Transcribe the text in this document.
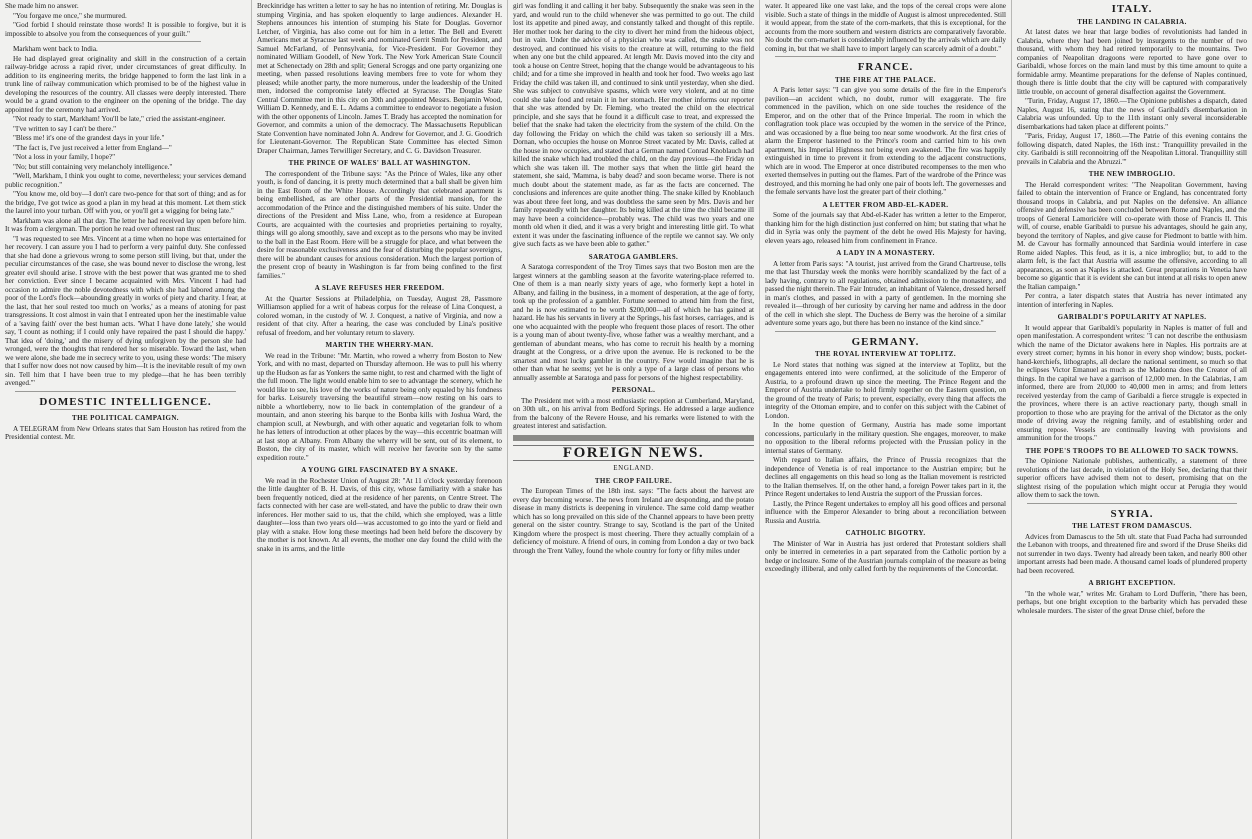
She made him no answer.

"You forgave me once," she murmured.

"God forbid I should reinstate those words! It is possible to forgive, but it is impossible to absolve you from the consequences of your guilt."

Markham went back to India.

He had displayed great originality and skill in the construction of a certain railway-bridge across a rapid river, under circumstances of great difficulty. In addition to its engineering merits, the bridge happened to form the last link in a trunk line of railway communication which promised to be of the highest value in developing the resources of the country. All classes were deeply interested. There would be a grand ovation to the engineer on the opening of the bridge. The day appointed for the ceremony had arrived.

"Not ready to start, Markham! You'll be late," cried the assistant-engineer.

"I've written to say I can't be there."

"Bless me! it's one of the grandest days in your life."

"The fact is, I've just received a letter from England—"

"Not a loss in your family, I hope?"

"No; but still containing very melancholy intelligence."

"Well, Markham, I think you ought to come, nevertheless; your services demand public recognition."

"You know me, old boy—I don't care two-pence for that sort of thing; and as for the bridge, I've got twice as good a plan in my head at this moment. Let them stick the laurel into your turban. Off with you, or you'll get a wigging for being late."

Markham was alone all that day. The letter he had received lay open before him. It was from a clergyman. The portion he read over oftenest ran thus:

"I was requested to see Mrs. Vincent at a time when no hope was entertained for her recovery. I can assure you I had to perform a very painful duty. She confessed that she had done a grievous wrong to some person still living, but that, under the peculiar circumstances of the case, she was bound never to disclose the wrong, lest greater evil should arise. I strove with the best power that was granted me to shed her conviction. Ever since I became acquainted with Mrs. Vincent I had had occasion to admire the noble devotedness with which she had labored among the poor of the Lord's flock—abounding greatly in works of piety and charity. I fear, at the last, that her soul rested too much on 'works,' as a means of atoning for past transgressions. It cost almost in vain that I entreated upon her the inestimable value of a 'saving faith' over the best human acts. 'What I have done lately,' she would say, 'I count as nothing; if I could only have repaired the past I should die happy.' That idea of 'doing,' and the misery of dying unforgiven by the person she had wronged, were the thoughts that rendered her so miserable. Toward the last, when we were alone, she bade me in secrecy write to you, using these words: 'The misery that I suffer now does not now caused by him—It is the inevitable result of my own sin. Tell him that I have been true to my pledge—that he has been terribly avenged.'"

DOMESTIC INTELLIGENCE.
THE POLITICAL CAMPAIGN.

A TELEGRAM from New Orleans states that Sam Houston has retired from the Presidential contest. Mr.

Breckinridge has written a letter to say he has no intention of retiring. Mr. Douglas is stumping Virginia, and has spoken eloquently to large audiences. Alexander H. Stephens announces his intention of stumping his State for Douglas. Governor Letcher, of Virginia, has also come out for him in a letter. The Bell and Everett Americans met at Syracuse last week and nominated Gerrit Smith for President, and Samuel McFarland, of Pennsylvania, for Vice-President. For Governor they nominated William Goodell, of New York. The New York American State Council met at Schenectady on 28th and split; General Scroggs and one party organizing one meeting, when passed resolutions leaving members free to vote for whom they pleased; while another party, the more numerous, under the leadership of the United men, indorsed the compromise lately effected at Syracuse. The Douglas State Central Committee met in this city on 30th and appointed Messrs. Benjamin Wood, William D. Kennedy, and E. L. Adams a committee to endeavor to negotiate a fusion with the other opponents of Lincoln. James T. Brady has accepted the nomination for Governor, and commits a union of the democracy. The Massachusetts Republican State Convention have nominated John A. Andrew for Governor, and J. G. Goodrich for Lieutenant-Governor. The Republican State Committee has elected Simon Draper Chairman, James Terwilliger Secretary, and C. G. Davidson Treasurer.

THE PRINCE OF WALES' BALL AT WASHINGTON.

The correspondent of the Tribune says: "As the Prince of Wales, like any other youth, is fond of dancing, it is pretty much determined that a ball shall be given him in the East Room of the White House. Accordingly that celebrated apartment is being embellished, as are other parts of the Presidential mansion, for the accommodation of the Prince and the distinguished members of his suite. Under the directions of the President and Miss Lane, who, from a residence at European Courts, are acquainted with the courtesies and proprieties pertaining to royalty, things will go along smoothly, save and except as to the persons who may be invited to the ball in the East Room. Here will be a struggle for place, and what between the desire for reasonable exclusiveness and the fear of disturbing the popular sovereigns, there will be abundant causes for anxious consideration. Much the largest portion of the present crop of beauty in Washington is far from being confined to the first families."

A SLAVE REFUSES HER FREEDOM.

At the Quarter Sessions at Philadelphia, on Tuesday, August 28, Passmore Williamson applied for a writ of habeas corpus for the release of Lina Conquest, a colored woman, in the custody of W. J. Conquest, a native of Virginia, and now a resident of that city. After a hearing, the case was concluded by Lina's positive refusal of freedom, and her voluntary return to slavery.

MARTIN THE WHERRY-MAN.

We read in the Tribune: "Mr. Martin, who rowed a wherry from Boston to New York, and with no mast, departed on Thursday afternoon. He was to pull his wherry up the Hudson as far as Yonkers the same night, to rest and charmed with the light of the full moon. The light would enable him to see to advantage the scenery, which he would like to see, his love of the works of nature being only equaled by his fondness for barks. Leisurely traversing the beautiful stream—now resting on his oars to nibble a whortleberry, now to lie back in contemplation of the grandeur of a mountain, and anon steering his barque to the Bonba kills with Joshua Ward, the champion scull, at Newburgh, and with other aquatic and vegetarian folk to whom he has letters of introduction at other places by the way—this eccentric boatman will at last stop at Albany. From Albany the wherry will be sent, out of its element, to Boston, the city of its master, which will receive her favorite son by the same expedition route."

A YOUNG GIRL FASCINATED BY A SNAKE.

We read in the Rochester Union of August 28: "At 11 o'clock yesterday forenoon the little daughter of B. H. Davis, of this city, whose familiarity with a snake has been frequently noticed, died at the residence of her parents, on Centre Street. The facts connected with her case are well-stated, and have the public to draw their own inferences. Her mother said to us, that the child, which she employed, was a little daughter—loss than two years old—was accustomed to go into the yard or field and play with a snake. How long these meetings had been held before the discovery by the mother is not known. At all events, the mother one day found the child with the snake in its arms, and the little

girl was fondling it and calling it her baby. Subsequently the snake was seen in the yard, and would run to the child whenever she was permitted to go out. The child lost its appetite and pined away, and constantly talked and thought of this reptile. Her mother took her daring to the city to divert her mind from the hideous object, but in vain. Under the advice of a physician who was called, the snake was not destroyed, and continued his visits to the creature at will, returning to the field when any one but the child appeared. At length Mr. Davis moved into the city and took a house on Centre Street, hoping that the change would be advantageous to his child; and for a time she improved in health and took her food. Two weeks ago last Friday the child was taken ill, and continued to sink until yesterday, when she died. She was subject to convulsive spasms, which were very violent, and at no time could she take food and retain it in her stomach. Her mother informs our reporter that she was attended by Dr. Fleming, who treated the child on the electrical principle, and she says that he found it a difficult case to treat, and expressed the belief that the snake had taken the electricity from the system of the child. On the day following the Friday on which the child was taken so seriously ill a Mrs. Dornan, who occupies the house on Monroe Street vacated by Mr. Davis, called at the house in now occupies, and stated that a German named Conrad Knoblauch had killed the snake which had troubled the child, on the day previous—the Friday on which she was taken ill. The mother says that when the little girl heard the statement, she said, 'Mamma, is baby dead? and soon became worse. There is not much doubt about the statement made, as far as the facts are concerned. The conclusions and inferences are quite another thing. The snake killed by Knoblauch was about three feet long, and was doubtless the same seen by Mrs. Davis and her family repeatedly with her daughter. Its being killed at the time the child became ill may have been a coincidence—probably was. The child was two years and one month old when it died, and it was a very bright and interesting little girl. To what extent it was under the fascinating influence of the reptile we cannot say. We only give such facts as we have been able to gather."

SARATOGA GAMBLERS.

A Saratoga correspondent of the Troy Times says that two Boston men are the largest winners at the gambling season at the favorite watering-place referred to. One of them is a man nearly sixty years of age, who formerly kept a hotel in Albany, and failing in the business, in a moment of desperation, at the age of forty, took up the profession of a gambler. Fortune seemed to attend him from the first, and he is now estimated to be worth $200,000—all of which he has gained at hazard. He has his servants in livery at the Springs, his fast horses, carriages, and is one who acquainted with the people who frequent those places of resort. The other is a young man of about twenty-five, whose father was a wealthy merchant, and a gentleman of abundant means, who has come to recruit his health by a morning draught at the Congress, or a drive upon the avenue. He is reckoned to be the smartest and most lucky gambler in the country. Few would imagine that he is other than what he seems; yet he is only a type of a large class of persons who annually assemble at Saratoga and pass for persons of the highest respectability.

PERSONAL.

The President met with a most enthusiastic reception at Cumberland, Maryland, on 30th ult., on his arrival from Bedford Springs. He addressed a large audience from the balcony of the Revere House, and his remarks were listened to with the greatest interest and satisfaction.

FOREIGN NEWS.
ENGLAND.
THE CROP FAILURE.

The European Times of the 18th inst. says: "The facts about the harvest are every day becoming worse. The news from Ireland are desponding, and the potato disease in many districts is deepening in virulence. The same cold damp weather which has so long prevailed on this side of the Channel appears to have been pretty general on the sister country. Strange to say, Scotland is the part of the United Kingdom where the prospect is most cheering. There they actually complain of a deficiency of moisture. A friend of ours, in coming from London a day or two back through the Trent Valley, found the whole country for forty or fifty miles under

water. It appeared like one vast lake, and the tops of the cereal crops were alone visible. Such a state of things in the middle of August is almost unprecedented. Still it would appear, from the state of the corn-markets, that this is exceptional, for the accounts from the more southern and western districts are comparatively favorable. No doubt the corn-market is considerably influenced by the arrivals which are daily coming in, but that we shall have to import largely can scarcely admit of a doubt."

FRANCE.
THE FIRE AT THE PALACE.

A Paris letter says: "I can give you some details of the fire in the Emperor's pavilion—an accident which, no doubt, rumor will exaggerate. The fire commenced in the pavilion, which on one side touches the residence of the Emperor, and on the other that of the Prince Imperial. The room in which the conflagration took place was occupied by the women in the service of the Prince, and was occasioned by a flue being too near some woodwork. At the first cries of alarm the Emperor hastened to the Prince's room and carried him to his own apartment, his Imperial Highness not being even awakened. The fire was happily extinguished in time to prevent it from extending to the adjacent constructions, which are in wood. The Emperor at once distributed recompenses to the men who exerted themselves in putting out the flames. Part of the wardrobe of the Prince was destroyed, and this morning he had only one pair of boots left. The governesses and the female servants have lost the greater part of their clothing."

A LETTER FROM ABD-EL-KADER.

Some of the journals say that Abd-el-Kader has written a letter to the Emperor, thanking him for the high distinction just conferred on him; but stating that what he did in Syria was only the payment of the debt he owed His Majesty for having, eleven years ago, released him from confinement in France.

A LADY IN A MONASTERY.

A letter from Paris says: "A tourist, just arrived from the Grand Chartreuse, tells me that last Thursday week the monks were horribly scandalized by the fact of a lady having, contrary to all regulations, obtained admission to the monastery, and passed the night therein. The Fair Intruder, an inhabitant of Valence, dressed herself in man's clothes, and passed in with a party of gentlemen. In the morning she revealed it—through of her curiosity by carving her name and address in the door of the cell in which she slept. The Duchess de Berry was the heroine of a similar adventure some years ago, but there has been no instance of the kind since."

GERMANY.
THE ROYAL INTERVIEW AT TOPLITZ.

Le Nord states that nothing was signed at the interview at Toplitz, but the engagements entered into were confirmed, at the solicitude of the Emperor of Austria, to a profound drawn up since the meeting. The Prince Regent and the Emperor of Austria undertake to hold firmly together on the Eastern question, on the ground of the treaty of Paris; to prevent, especially, every thing that affects the integrity of the Ottoman empire, and to confer on this subject with the Cabinet of London.

In the home question of Germany, Austria has made some important concessions, particularly in the military question. She engages, moreover, to make no opposition to the liberal reforms projected with the Prussian policy in the internal states of Germany.

With regard to Italian affairs, the Prince of Prussia recognizes that the independence of Venetia is of real importance to the Austrian empire; but he declines all engagements on this head so long as the Italian movement is restricted to the Italian themselves. If, on the other hand, a foreign Power takes part in it, the Prince Regent undertakes to lend Austria the support of the Prussian forces.

Lastly, the Prince Regent undertakes to employ all his good offices and personal influence with the Emperor Alexander to bring about a reconciliation between Russia and Austria.

CATHOLIC BIGOTRY.

The Minister of War in Austria has just ordered that Protestant soldiers shall only be interred in cemeteries in a part separated from the Catholic portion by a hedge or inclosure. Some of the Austrian journals complain of the measure as being exceedingly illiberal, and only called forth by the requirements of the Concordat.

ITALY.
THE LANDING IN CALABRIA.

At latest dates we hear that large bodies of revolutionists had landed in Calabria, where they had been joined by insurgents to the number of two thousand, with whom they had retired temporarily to the mountains. Two companies of Neapolitan dragoons were reported to have gone over to Garibaldi, whose forces on the main land must by this time amount to quite a formidable army. Meantime preparations for the defense of Naples continued, though there is little doubt that the city will be captured with comparatively little trouble, on account of general disaffection against the Government.

"Turin, Friday, August 17, 1860.—The Opinione publishes a dispatch, dated Naples, August 16, stating that the news of Garibaldi's disembarkation in Calabria was unfounded. Up to the 11th instant only several inconsiderable disembarkations had taken place at different points."

"Paris, Friday, August 17, 1860.—The Patrie of this evening contains the following dispatch, dated Naples, the 16th inst.: 'Tranquillity prevailed in the city. Garibaldi is still reconnoitring off the Neapolitan Littoral. Tranquillity still prevails in Calabria and the Abruzzi.'"

THE NEW IMBROGLIO.

The Herald correspondent writes: "The Neapolitan Government, having failed to obtain the intervention of France or England, has concentrated forty thousand troops in Calabria, and put Naples on the defensive. An alliance offensive and defensive has been concluded between Rome and Naples, and the troops of General Lamoricière will co-operate with those of Francis II. This will, of course, enable Garibaldi to pursue his advantages, should he gain any, beyond the territory of Naples, and give cause for Piedmont to battle with him. M. de Cavour has formally announced that Sardinia would interfere in case Rome aided Naples. This feud, as it is, a nice imbroglio; but, to add to the alarm felt, is the fact that Austria will assume the offensive, according to all appearances, as soon as Naples is attacked. Great preparations in Venetia have become so gigantic that it is evident she can but intend at all risks to open anew the Italian campaign."

Per contra, a later dispatch states that Austria has never intimated any intention of interfering in Naples.

GARIBALDI'S POPULARITY AT NAPLES.

It would appear that Garibaldi's popularity in Naples is matter of full and open manifestation. A correspondent writes: "I can not describe the enthusiasm which the name of the Dictator awakens here in Naples. His portraits are at every street corner; hymns in his honor in every shop window; busts, pocket-hand-kerchiefs, lithographs, all declare the national sentiment, so much so that he eclipses Victor Emanuel as much as the Madonna does the Creator of all things. In the capital we have a garrison of 12,000 men. In the Calabrias, I am informed, there are from 20,000 to 40,000 men in arms; and from letters received yesterday from the camp of Garibaldi a fierce struggle is expected in the provinces, where there is an active reactionary party, though small in proportion to those who are praying for the arrival of the Dictator as the only mode of driving away the reigning family, and of establishing order and ensuring repose. Vessels are continually leaving with provisions and ammunition for the troops."

THE POPE'S TROOPS TO BE ALLOWED TO SACK TOWNS.

The Opinione Nationale publishes, authentically, a statement of three revolutions of the last decade, in violation of the Holy See, declaring that their superior officers have advised them not to desert, promising that on the slightest rising of the population which might occur at Perugia they would allow them to sack the town.

SYRIA.
THE LATEST FROM DAMASCUS.

Advices from Damascus to the 5th ult. state that Fuad Pacha had surrounded the Lebanon with troops, and threatened fire and sword if the Druse Sheiks did not surrender in two days. Twenty had already been taken, and nearly 800 other important arrests had been made. A thousand camel loads of plundered property had been recovered.

A BRIGHT EXCEPTION.

"In the whole war," writes Mr. Graham to Lord Dufferin, "there has been, perhaps, but one bright exception to the barbarity which has pervaded these wholesale murders. The sister of the great Druse chief, before the
